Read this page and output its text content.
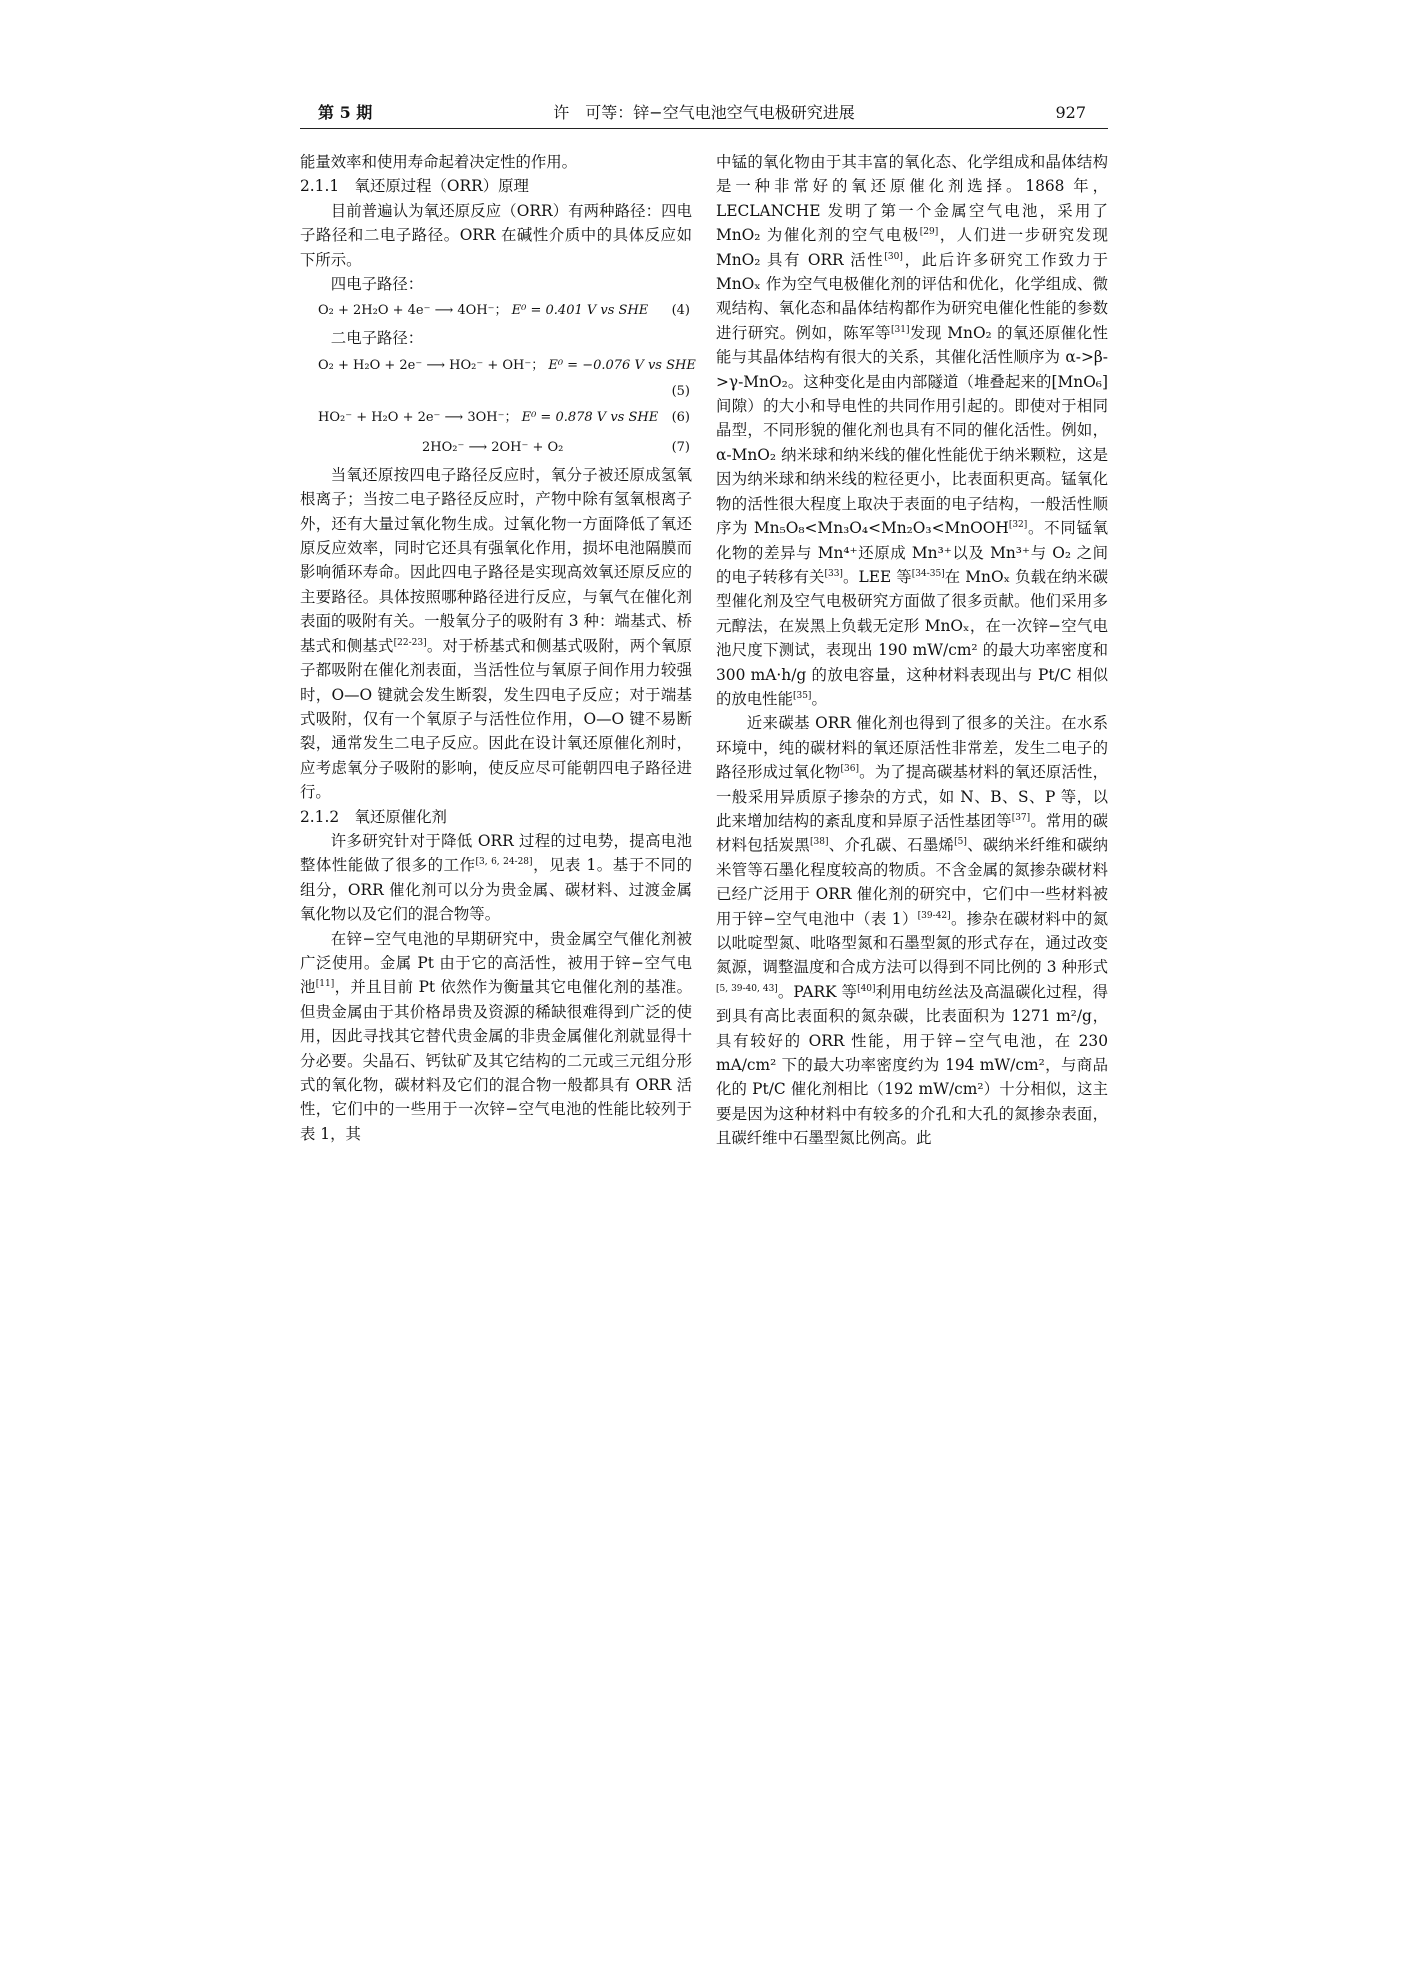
第 5 期	许　可等：锌−空气电池空气电极研究进展	927

能量效率和使用寿命起着决定性的作用。

2.1.1　氧还原过程（ORR）原理

目前普遍认为氧还原反应（ORR）有两种路径：四电子路径和二电子路径。ORR 在碱性介质中的具体反应如下所示。

四电子路径：

O₂ + 2H₂O + 4e⁻ ⟶ 4OH⁻； E⁰ = 0.401 V vs SHE (4)

二电子路径：

O₂ + H₂O + 2e⁻ ⟶ HO₂⁻ + OH⁻； E⁰ = −0.076 V vs SHE
(5)
HO₂⁻ + H₂O + 2e⁻ ⟶ 3OH⁻； E⁰ = 0.878 V vs SHE (6)
2HO₂⁻ ⟶ 2OH⁻ + O₂	(7)

当氧还原按四电子路径反应时，氧分子被还原成氢氧根离子；当按二电子路径反应时，产物中除有氢氧根离子外，还有大量过氧化物生成。过氧化物一方面降低了氧还原反应效率，同时它还具有强氧化作用，损坏电池隔膜而影响循环寿命。因此四电子路径是实现高效氧还原反应的主要路径。具体按照哪种路径进行反应，与氧气在催化剂表面的吸附有关。一般氧分子的吸附有 3 种：端基式、桥基式和侧基式[22-23]。对于桥基式和侧基式吸附，两个氧原子都吸附在催化剂表面，当活性位与氧原子间作用力较强时，O—O 键就会发生断裂，发生四电子反应；对于端基式吸附，仅有一个氧原子与活性位作用，O—O 键不易断裂，通常发生二电子反应。因此在设计氧还原催化剂时，应考虑氧分子吸附的影响，使反应尽可能朝四电子路径进行。

2.1.2　氧还原催化剂

许多研究针对于降低 ORR 过程的过电势，提高电池整体性能做了很多的工作[3, 6, 24-28]，见表 1。基于不同的组分，ORR 催化剂可以分为贵金属、碳材料、过渡金属氧化物以及它们的混合物等。

在锌−空气电池的早期研究中，贵金属空气催化剂被广泛使用。金属 Pt 由于它的高活性，被用于锌−空气电池[11]，并且目前 Pt 依然作为衡量其它电催化剂的基准。但贵金属由于其价格昂贵及资源的稀缺很难得到广泛的使用，因此寻找其它替代贵金属的非贵金属催化剂就显得十分必要。尖晶石、钙钛矿及其它结构的二元或三元组分形式的氧化物，碳材料及它们的混合物一般都具有 ORR 活性，它们中的一些用于一次锌−空气电池的性能比较列于表 1，其

中锰的氧化物由于其丰富的氧化态、化学组成和晶体结构是一种非常好的氧还原催化剂选择。1868 年，LECLANCHE 发明了第一个金属空气电池，采用了 MnO₂ 为催化剂的空气电极[29]，人们进一步研究发现 MnO₂ 具有 ORR 活性[30]，此后许多研究工作致力于 MnOₓ 作为空气电极催化剂的评估和优化，化学组成、微观结构、氧化态和晶体结构都作为研究电催化性能的参数进行研究。例如，陈军等[31]发现 MnO₂ 的氧还原催化性能与其晶体结构有很大的关系，其催化活性顺序为 α->β->γ-MnO₂。这种变化是由内部隧道（堆叠起来的[MnO₆]间隙）的大小和导电性的共同作用引起的。即使对于相同晶型，不同形貌的催化剂也具有不同的催化活性。例如，α-MnO₂ 纳米球和纳米线的催化性能优于纳米颗粒，这是因为纳米球和纳米线的粒径更小，比表面积更高。锰氧化物的活性很大程度上取决于表面的电子结构，一般活性顺序为 Mn₅O₈<Mn₃O₄<Mn₂O₃<MnOOH[32]。不同锰氧化物的差异与 Mn⁴⁺还原成 Mn³⁺以及 Mn³⁺与 O₂ 之间的电子转移有关[33]。LEE 等[34-35]在 MnOₓ 负载在纳米碳型催化剂及空气电极研究方面做了很多贡献。他们采用多元醇法，在炭黑上负载无定形 MnOₓ，在一次锌−空气电池尺度下测试，表现出 190 mW/cm² 的最大功率密度和 300 mA·h/g 的放电容量，这种材料表现出与 Pt/C 相似的放电性能[35]。

近来碳基 ORR 催化剂也得到了很多的关注。在水系环境中，纯的碳材料的氧还原活性非常差，发生二电子的路径形成过氧化物[36]。为了提高碳基材料的氧还原活性，一般采用异质原子掺杂的方式，如 N、B、S、P 等，以此来增加结构的紊乱度和异原子活性基团等[37]。常用的碳材料包括炭黑[38]、介孔碳、石墨烯[5]、碳纳米纤维和碳纳米管等石墨化程度较高的物质。不含金属的氮掺杂碳材料已经广泛用于 ORR 催化剂的研究中，它们中一些材料被用于锌−空气电池中（表 1）[39-42]。掺杂在碳材料中的氮以吡啶型氮、吡咯型氮和石墨型氮的形式存在，通过改变氮源，调整温度和合成方法可以得到不同比例的 3 种形式[5, 39-40, 43]。PARK 等[40]利用电纺丝法及高温碳化过程，得到具有高比表面积的氮杂碳，比表面积为 1271 m²/g，具有较好的 ORR 性能，用于锌−空气电池，在 230 mA/cm² 下的最大功率密度约为 194 mW/cm²，与商品化的 Pt/C 催化剂相比（192 mW/cm²）十分相似，这主要是因为这种材料中有较多的介孔和大孔的氮掺杂表面，且碳纤维中石墨型氮比例高。此
